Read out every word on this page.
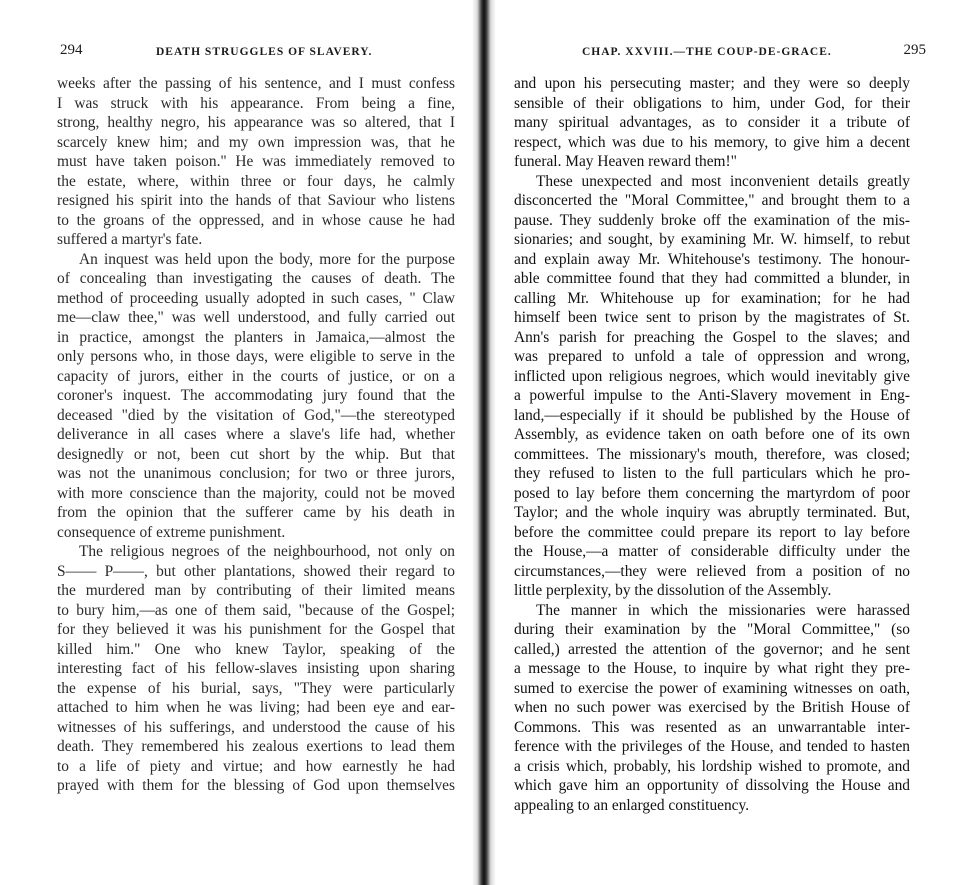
294	DEATH STRUGGLES OF SLAVERY.
weeks after the passing of his sentence, and I must confess
I was struck with his appearance. From being a fine,
strong, healthy negro, his appearance was so altered, that I
scarcely knew him; and my own impression was, that he
must have taken poison." He was immediately removed to
the estate, where, within three or four days, he calmly
resigned his spirit into the hands of that Saviour who listens
to the groans of the oppressed, and in whose cause he had
suffered a martyr's fate.
An inquest was held upon the body, more for the purpose
of concealing than investigating the causes of death. The
method of proceeding usually adopted in such cases, " Claw
me—claw thee," was well understood, and fully carried out
in practice, amongst the planters in Jamaica,—almost the
only persons who, in those days, were eligible to serve in the
capacity of jurors, either in the courts of justice, or on a
coroner's inquest. The accommodating jury found that the
deceased "died by the visitation of God,"—the stereotyped
deliverance in all cases where a slave's life had, whether
designedly or not, been cut short by the whip. But that
was not the unanimous conclusion; for two or three jurors,
with more conscience than the majority, could not be moved
from the opinion that the sufferer came by his death in
consequence of extreme punishment.
The religious negroes of the neighbourhood, not only on
S—— P——, but other plantations, showed their regard to
the murdered man by contributing of their limited means
to bury him,—as one of them said, "because of the Gospel;
for they believed it was his punishment for the Gospel that
killed him." One who knew Taylor, speaking of the
interesting fact of his fellow-slaves insisting upon sharing
the expense of his burial, says, "They were particularly
attached to him when he was living; had been eye and ear-
witnesses of his sufferings, and understood the cause of his
death. They remembered his zealous exertions to lead them
to a life of piety and virtue; and how earnestly he had
prayed with them for the blessing of God upon themselves
CHAP. XXVIII.—THE COUP-DE-GRACE.	295
and upon his persecuting master; and they were so deeply
sensible of their obligations to him, under God, for their
many spiritual advantages, as to consider it a tribute of
respect, which was due to his memory, to give him a decent
funeral. May Heaven reward them!"
These unexpected and most inconvenient details greatly
disconcerted the "Moral Committee," and brought them to a
pause. They suddenly broke off the examination of the mis-
sionaries; and sought, by examining Mr. W. himself, to rebut
and explain away Mr. Whitehouse's testimony. The honour-
able committee found that they had committed a blunder, in
calling Mr. Whitehouse up for examination; for he had
himself been twice sent to prison by the magistrates of St.
Ann's parish for preaching the Gospel to the slaves; and
was prepared to unfold a tale of oppression and wrong,
inflicted upon religious negroes, which would inevitably give
a powerful impulse to the Anti-Slavery movement in Eng-
land,—especially if it should be published by the House of
Assembly, as evidence taken on oath before one of its own
committees. The missionary's mouth, therefore, was closed;
they refused to listen to the full particulars which he pro-
posed to lay before them concerning the martyrdom of poor
Taylor; and the whole inquiry was abruptly terminated. But,
before the committee could prepare its report to lay before
the House,—a matter of considerable difficulty under the
circumstances,—they were relieved from a position of no
little perplexity, by the dissolution of the Assembly.
The manner in which the missionaries were harassed
during their examination by the "Moral Committee," (so
called,) arrested the attention of the governor; and he sent
a message to the House, to inquire by what right they pre-
sumed to exercise the power of examining witnesses on oath,
when no such power was exercised by the British House of
Commons. This was resented as an unwarrantable inter-
ference with the privileges of the House, and tended to hasten
a crisis which, probably, his lordship wished to promote, and
which gave him an opportunity of dissolving the House and
appealing to an enlarged constituency.
